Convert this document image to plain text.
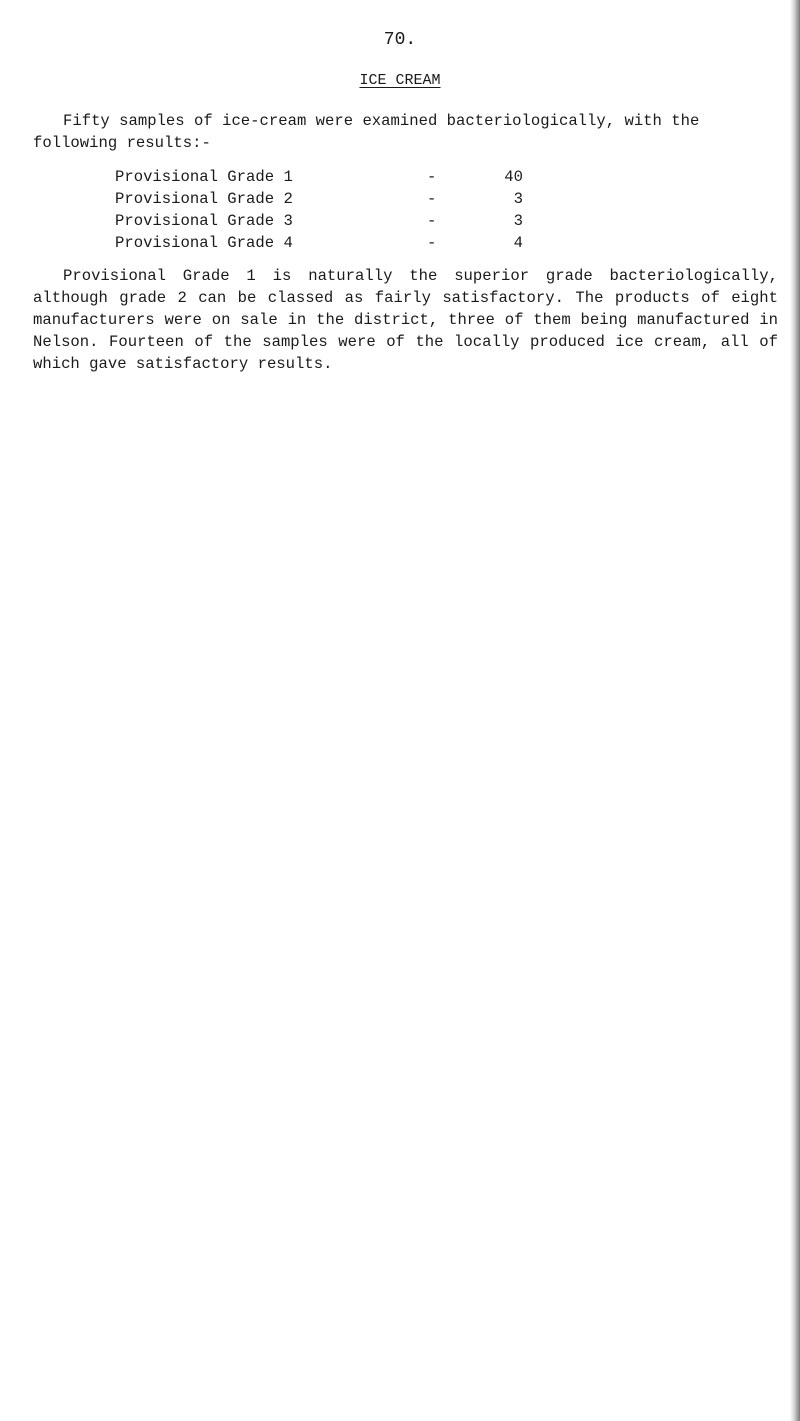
70.
ICE CREAM

Fifty samples of ice-cream were examined bacteriologically, with the following results:-

Provisional Grade 1	-	40
Provisional Grade 2	-	3
Provisional Grade 3	-	3
Provisional Grade 4	-	4

Provisional Grade 1 is naturally the superior grade bacteriologically, although grade 2 can be classed as fairly satisfactory. The products of eight manufacturers were on sale in the district, three of them being manufactured in Nelson. Fourteen of the samples were of the locally produced ice cream, all of which gave satisfactory results.
